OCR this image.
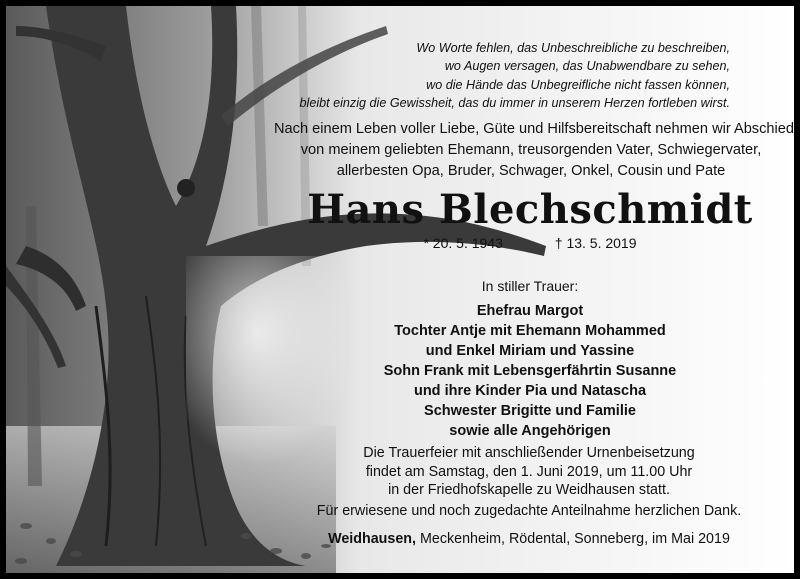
Wo Worte fehlen, das Unbeschreibliche zu beschreiben,
wo Augen versagen, das Unabwendbare zu sehen,
wo die Hände das Unbegreifliche nicht fassen können,
bleibt einzig die Gewissheit, das du immer in unserem Herzen fortleben wirst.
Nach einem Leben voller Liebe, Güte und Hilfsbereitschaft nehmen wir Abschied
von meinem geliebten Ehemann, treusorgenden Vater, Schwiegervater,
allerbesten Opa, Bruder, Schwager, Onkel, Cousin und Pate
Hans Blechschmidt
* 20. 5. 1943	† 13. 5. 2019
In stiller Trauer:
Ehefrau Margot
Tochter Antje mit Ehemann Mohammed
und Enkel Miriam und Yassine
Sohn Frank mit Lebensgerfährtin Susanne
und ihre Kinder Pia und Natascha
Schwester Brigitte und Familie
sowie alle Angehörigen
Die Trauerfeier mit anschließender Urnenbeisetzung
findet am Samstag, den 1. Juni 2019, um 11.00 Uhr
in der Friedhofskapelle zu Weidhausen statt.
Für erwiesene und noch zugedachte Anteilnahme herzlichen Dank.
Weidhausen, Meckenheim, Rödental, Sonneberg, im Mai 2019
